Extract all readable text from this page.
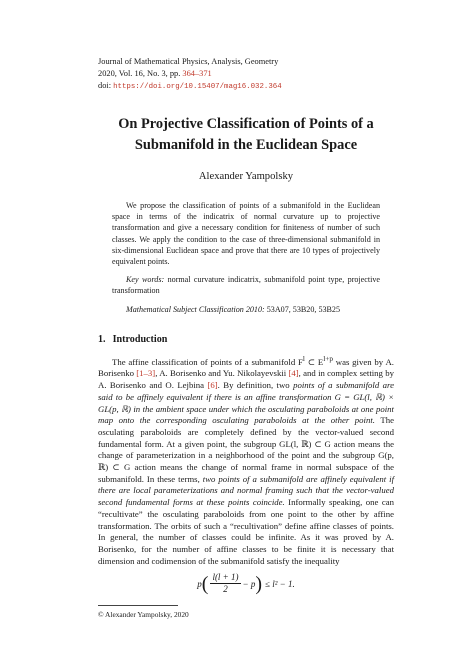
Journal of Mathematical Physics, Analysis, Geometry
2020, Vol. 16, No. 3, pp. 364–371
doi: https://doi.org/10.15407/mag16.032.364
On Projective Classification of Points of a Submanifold in the Euclidean Space
Alexander Yampolsky

We propose the classification of points of a submanifold in the Euclidean space in terms of the indicatrix of normal curvature up to projective transformation and give a necessary condition for finiteness of number of such classes. We apply the condition to the case of three-dimensional submanifold in six-dimensional Euclidean space and prove that there are 10 types of projectively equivalent points.

Key words: normal curvature indicatrix, submanifold point type, projective transformation

Mathematical Subject Classification 2010: 53A07, 53B20, 53B25

1. Introduction

The affine classification of points of a submanifold $F^l$ ⊂ $E^{l+p}$ was given by A. Borisenko [1–3], A. Borisenko and Yu. Nikolayevskii [4], and in complex setting by A. Borisenko and O. Lejbina [6]. By definition, two points of a submanifold are said to be affinely equivalent if there is an affine transformation G = GL(l, ℝ) × GL(p, ℝ) in the ambient space under which the osculating paraboloids at one point map onto the corresponding osculating paraboloids at the other point. The osculating paraboloids are completely defined by the vector-valued second fundamental form. At a given point, the subgroup GL(l, ℝ) ⊂ G action means the change of parameterization in a neighborhood of the point and the subgroup G(p, ℝ) ⊂ G action means the change of normal frame in normal subspace of the submanifold. In these terms, two points of a submanifold are affinely equivalent if there are local parameterizations and normal framing such that the vector-valued second fundamental forms at these points coincide. Informally speaking, one can “recultivate” the osculating paraboloids from one point to the other by affine transformation. The orbits of such a “recultivation” define affine classes of points. In general, the number of classes could be infinite. As it was proved by A. Borisenko, for the number of affine classes to be finite it is necessary that dimension and codimension of the submanifold satisfy the inequality

p ( $\frac{l(l + 1)}{2} - p$ ) ≤ l² − 1.
© Alexander Yampolsky, 2020
